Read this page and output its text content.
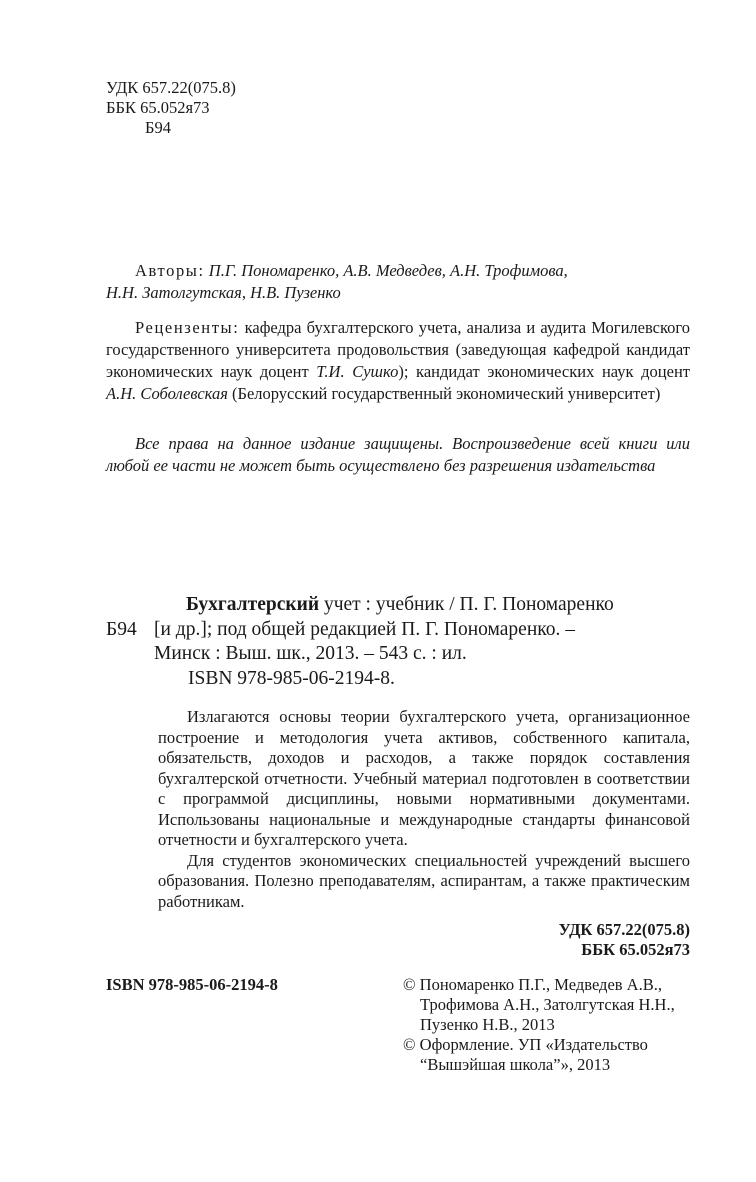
УДК 657.22(075.8)
ББК 65.052я73
Б94
Авторы: П.Г. Пономаренко, А.В. Медведев, А.Н. Трофимова,
Н.Н. Затолгутская, Н.В. Пузенко
Рецензенты: кафедра бухгалтерского учета, анализа и аудита Могилевского государственного университета продовольствия (заведующая кафедрой кандидат экономических наук доцент Т.И. Сушко); кандидат экономических наук доцент А.Н. Соболевская (Белорусский государственный экономический университет)
Все права на данное издание защищены. Воспроизведение всей книги или любой ее части не может быть осуществлено без разрешения издательства
Бухгалтерский учет : учебник / П. Г. Пономаренко
Б94 [и др.]; под общей редакцией П. Г. Пономаренко. –
Минск : Выш. шк., 2013. – 543 с. : ил.
ISBN 978-985-06-2194-8.

Излагаются основы теории бухгалтерского учета, организационное построение и методология учета активов, собственного капитала, обязательств, доходов и расходов, а также порядок составления бухгалтерской отчетности. Учебный материал подготовлен в соответствии с программой дисциплины, новыми нормативными документами. Использованы национальные и международные стандарты финансовой отчетности и бухгалтерского учета.

Для студентов экономических специальностей учреждений высшего образования. Полезно преподавателям, аспирантам, а также практическим работникам.

УДК 657.22(075.8)
ББК 65.052я73
ISBN 978-985-06-2194-8	© Пономаренко П.Г., Медведев А.В.,
Трофимова А.Н., Затолгутская Н.Н.,
Пузенко Н.В., 2013
© Оформление. УП «Издательство
“Вышэйшая школа”», 2013
